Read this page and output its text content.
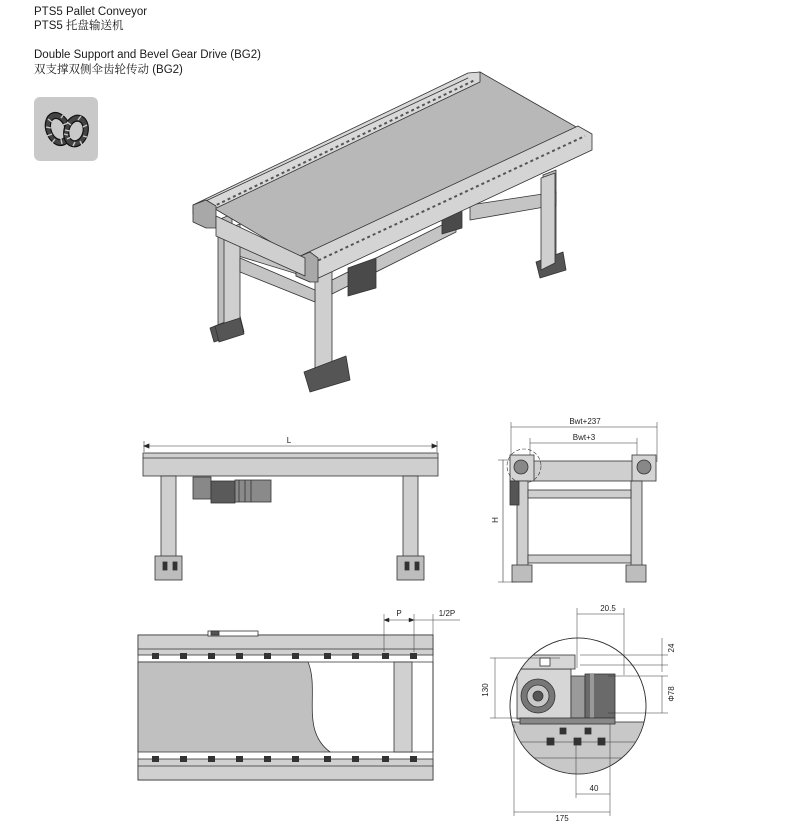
PTS5 Pallet Conveyor
PTS5 托盘输送机
Double Support and Bevel Gear Drive (BG2)
双支撑双侧伞齿轮传动 (BG2)
L
Bwt+237
Bwt+3
H
P	1/2P
20.5
24
130	Φ78
40
175
